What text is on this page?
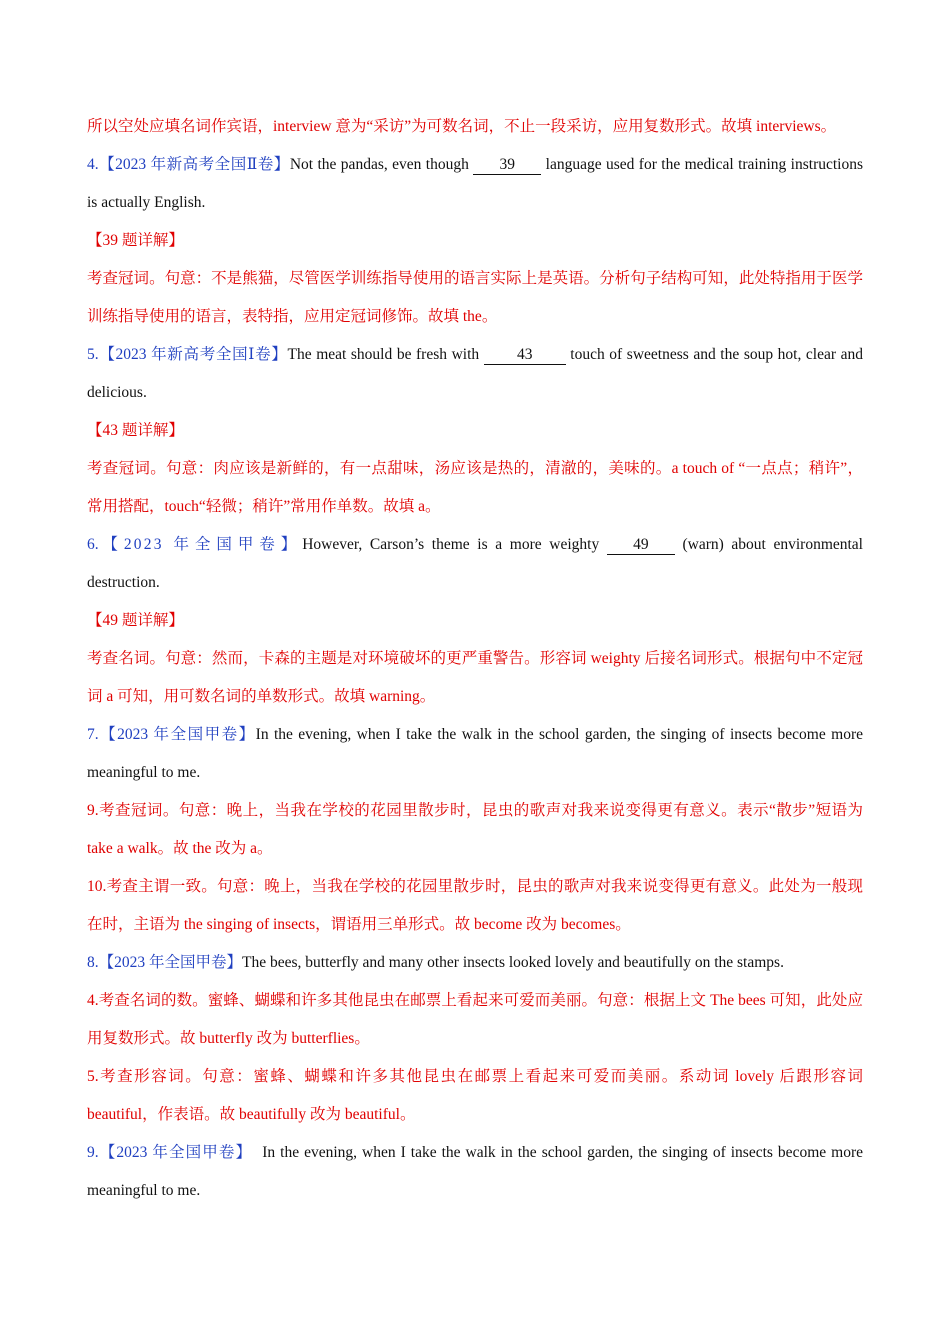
所以空处应填名词作宾语，interview 意为“采访”为可数名词，不止一段采访，应用复数形式。故填 interviews。

4.【2023 年新高考全国Ⅱ卷】Not the pandas, even though 39 language used for the medical training instructions is actually English.

【39 题详解】

考查冠词。句意：不是熊猫，尽管医学训练指导使用的语言实际上是英语。分析句子结构可知，此处特指用于医学训练指导使用的语言，表特指，应用定冠词修饰。故填 the。

5.【2023 年新高考全国Ⅰ卷】The meat should be fresh with 43 touch of sweetness and the soup hot, clear and delicious.

【43 题详解】

考查冠词。句意：肉应该是新鲜的，有一点甜味，汤应该是热的，清澈的，美味的。a touch of “一点点；稍许”，常用搭配，touch“轻微；稍许”常用作单数。故填 a。

6.【2023 年全国甲卷】However, Carson’s theme is a more weighty 49 (warn) about environmental destruction.

【49 题详解】

考查名词。句意：然而，卡森的主题是对环境破坏的更严重警告。形容词 weighty 后接名词形式。根据句中不定冠词 a 可知，用可数名词的单数形式。故填 warning。

7.【2023 年全国甲卷】In the evening, when I take the walk in the school garden, the singing of insects become more meaningful to me.

9.考查冠词。句意：晚上，当我在学校的花园里散步时，昆虫的歌声对我来说变得更有意义。表示“散步”短语为 take a walk。故 the 改为 a。

10.考查主谓一致。句意：晚上，当我在学校的花园里散步时，昆虫的歌声对我来说变得更有意义。此处为一般现在时，主语为 the singing of insects，谓语用三单形式。故 become 改为 becomes。

8.【2023 年全国甲卷】The bees, butterfly and many other insects looked lovely and beautifully on the stamps.

4.考查名词的数。蜜蜂、蝴蝶和许多其他昆虫在邮票上看起来可爱而美丽。句意：根据上文 The bees 可知，此处应用复数形式。故 butterfly 改为 butterflies。

5.考查形容词。句意：蜜蜂、蝴蝶和许多其他昆虫在邮票上看起来可爱而美丽。系动词 lovely 后跟形容词 beautiful，作表语。故 beautifully 改为 beautiful。

9.【2023 年全国甲卷】  In the evening, when I take the walk in the school garden, the singing of insects become more meaningful to me.
